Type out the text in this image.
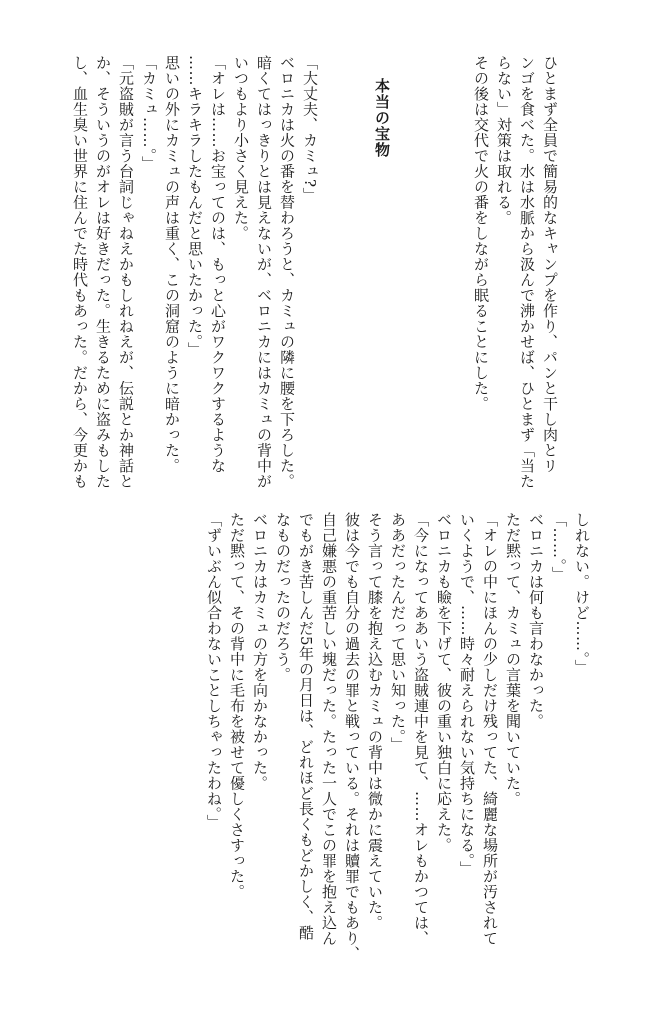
ひとまず全員で簡易的なキャンプを作り、パンと干し肉とリ

ンゴを食べた。水は水脈から汲んで沸かせば、ひとまず「当た

らない」対策は取れる。

その後は交代で火の番をしながら眠ることにした。

本当の宝物

「大丈夫、カミュ?」

ベロニカは火の番を替わろうと、カミュの隣に腰を下ろした。

暗くてはっきりとは見えないが、ベロニカにはカミュの背中が

いつもより小さく見えた。

「オレは……お宝ってのは、もっと心がワクワクするような

……キラキラしたもんだと思いたかった。」

思いの外にカミュの声は重く、この洞窟のように暗かった。

「カミュ……。」

「元盗賊が言う台詞じゃねえかもしれねえが、伝説とか神話と

か、そういうのがオレは好きだった。生きるために盗みもした

し、血生臭い世界に住んでた時代もあった。だから、今更かも

しれない。けど……。」

「……。」

ベロニカは何も言わなかった。

ただ黙って、カミュの言葉を聞いていた。

「オレの中にほんの少しだけ残ってた、綺麗な場所が汚されて

いくようで、……時々耐えられない気持ちになる。」

ベロニカも瞼を下げて、彼の重い独白に応えた。

「今になってああいう盗賊連中を見て、……オレもかつては、

ああだったんだって思い知った。」

そう言って膝を抱え込むカミュの背中は微かに震えていた。

彼は今でも自分の過去の罪と戦っている。それは贖罪でもあり、

自己嫌悪の重苦しい塊だった。たった一人でこの罪を抱え込ん

でもがき苦しんだ5年の月日は、どれほど長くもどかしく、酷

なものだったのだろう。

ベロニカはカミュの方を向かなかった。

ただ黙って、その背中に毛布を被せて優しくさすった。

「ずいぶん似合わないことしちゃったわね。」
